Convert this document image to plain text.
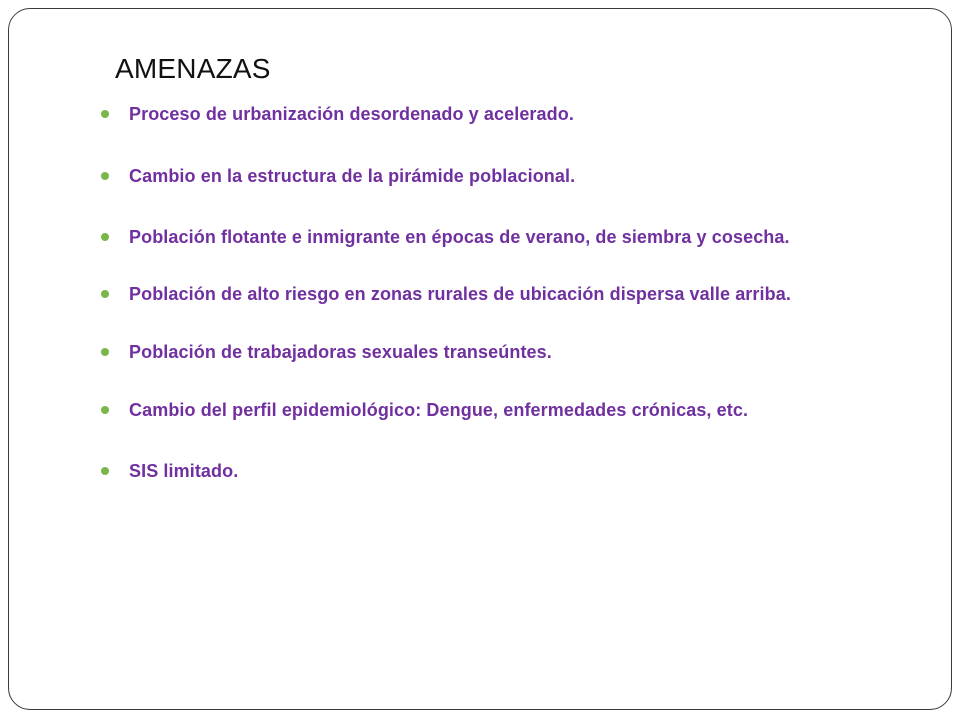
AMENAZAS
Proceso de urbanización desordenado y acelerado.
Cambio en la estructura de la pirámide poblacional.
Población flotante e inmigrante en épocas de verano, de siembra y cosecha.
Población de alto riesgo en zonas rurales de ubicación dispersa valle arriba.
Población de trabajadoras sexuales transeúntes.
Cambio del perfil epidemiológico: Dengue, enfermedades crónicas, etc.
SIS limitado.
